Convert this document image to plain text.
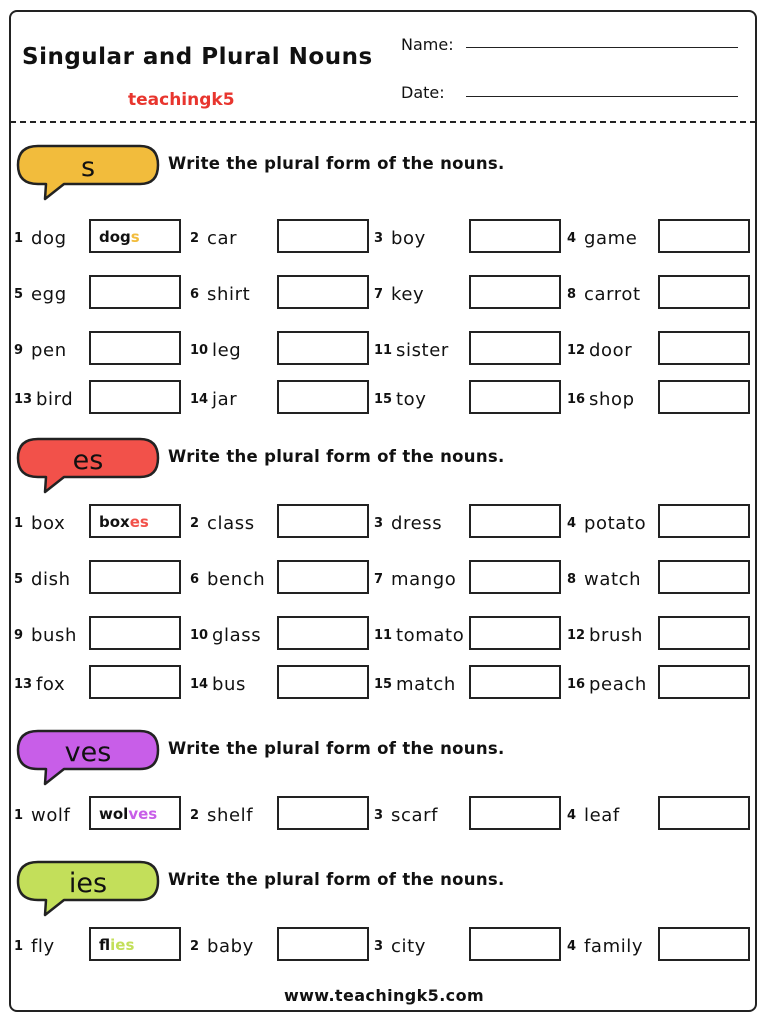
Singular and Plural Nouns
teachingk5
Name:
Date:
s	Write the plural form of the nouns.
1 dog dogs	2 car	3 boy	4 game
5 egg	6 shirt	7 key	8 carrot
9 pen	10 leg	11 sister	12 door
13 bird	14 jar	15 toy	16 shop
es	Write the plural form of the nouns.
1 box boxes	2 class	3 dress	4 potato
5 dish	6 bench	7 mango	8 watch
9 bush	10 glass	11 tomato	12 brush
13 fox	14 bus	15 match	16 peach
ves	Write the plural form of the nouns.
1 wolf wolves	2 shelf	3 scarf	4 leaf
ies	Write the plural form of the nouns.
1 fly	flies	2 baby	3 city	4 family
www.teachingk5.com
